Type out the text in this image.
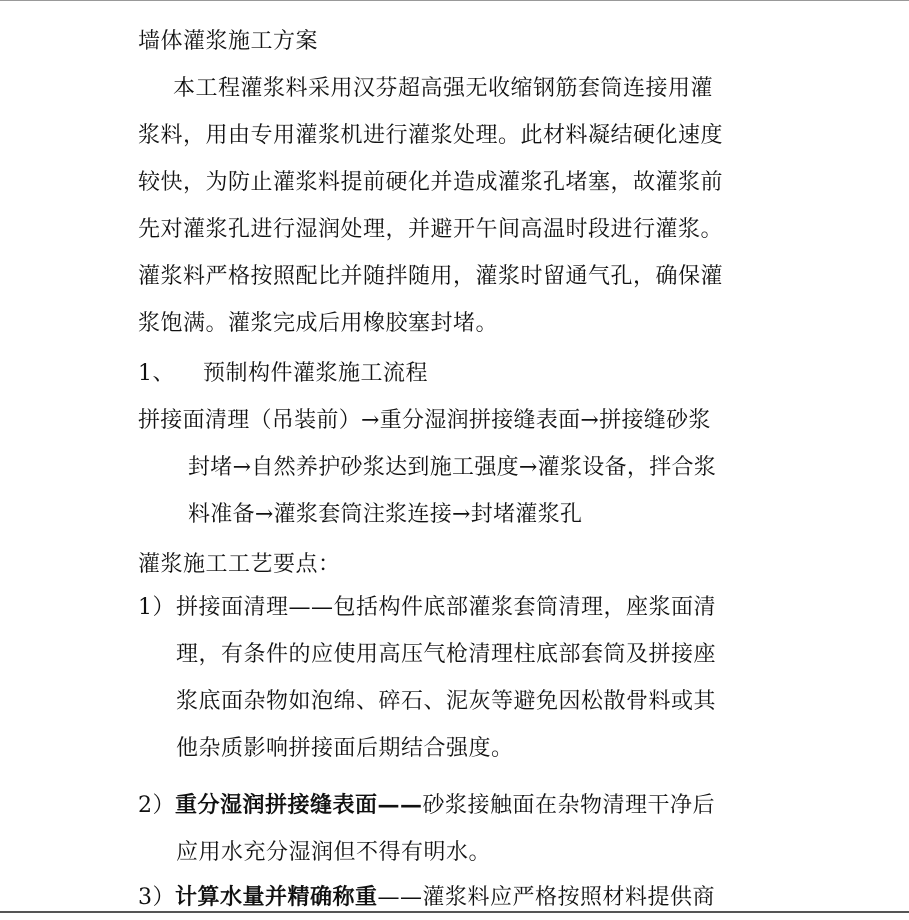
墙体灌浆施工方案
本工程灌浆料采用汉芬超高强无收缩钢筋套筒连接用灌
浆料，用由专用灌浆机进行灌浆处理。此材料凝结硬化速度
较快，为防止灌浆料提前硬化并造成灌浆孔堵塞，故灌浆前
先对灌浆孔进行湿润处理，并避开午间高温时段进行灌浆。
灌浆料严格按照配比并随拌随用，灌浆时留通气孔，确保灌
浆饱满。灌浆完成后用橡胶塞封堵。
1、 预制构件灌浆施工流程
拼接面清理（吊装前）→重分湿润拼接缝表面→拼接缝砂浆
封堵→自然养护砂浆达到施工强度→灌浆设备，拌合浆
料准备→灌浆套筒注浆连接→封堵灌浆孔
灌浆施工工艺要点：
1） 拼接面清理——包括构件底部灌浆套筒清理，座浆面清
理，有条件的应使用高压气枪清理柱底部套筒及拼接座
浆底面杂物如泡绵、碎石、泥灰等避免因松散骨料或其
他杂质影响拼接面后期结合强度。
2）重分湿润拼接缝表面——砂浆接触面在杂物清理干净后
应用水充分湿润但不得有明水。
3）计算水量并精确称重——灌浆料应严格按照材料提供商
